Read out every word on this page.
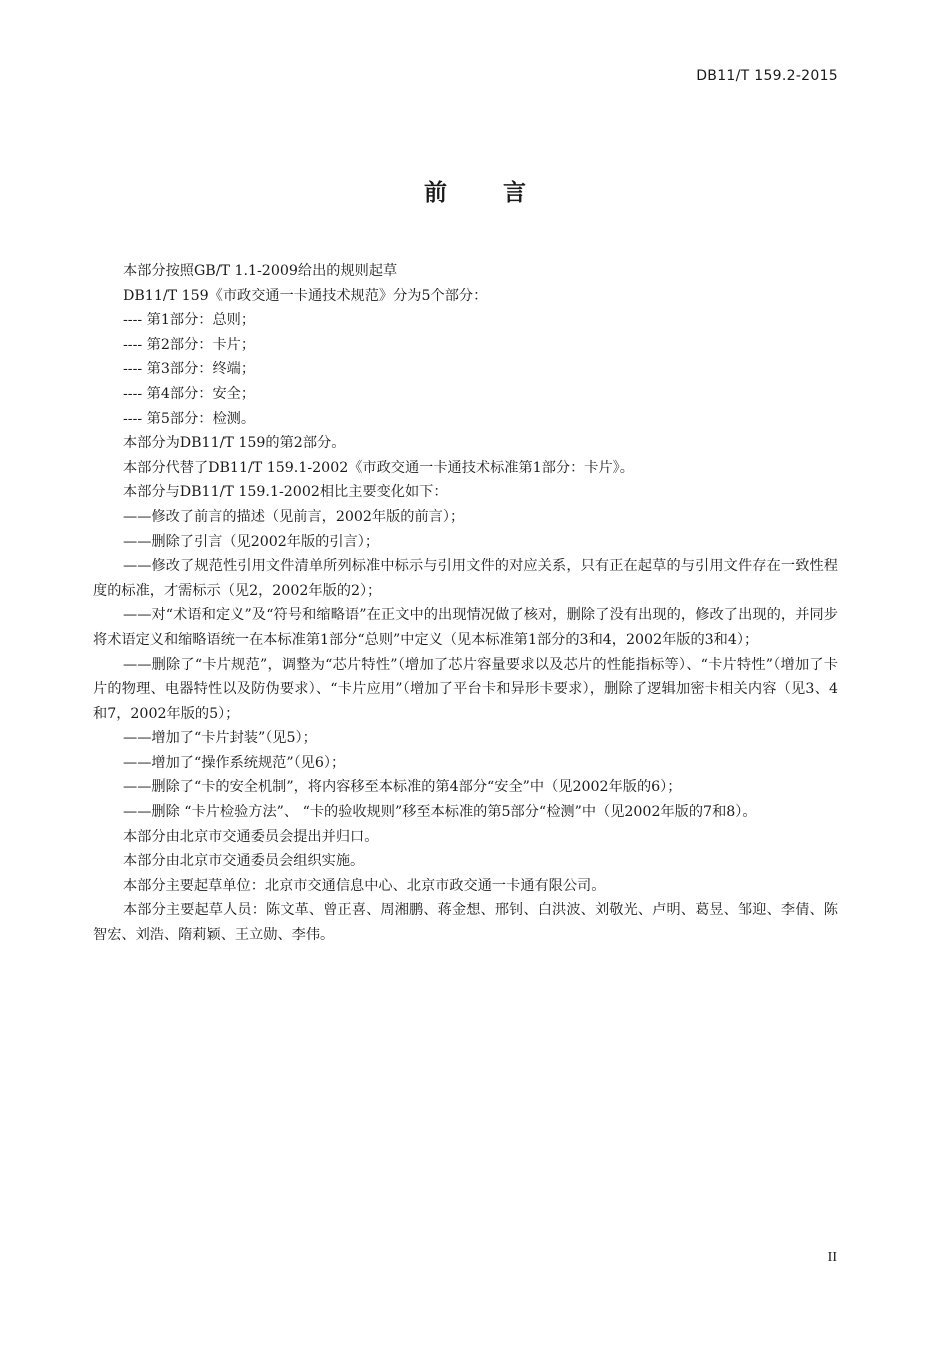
DB11/T 159.2-2015
前言

本部分按照GB/T 1.1-2009给出的规则起草

DB11/T 159《市政交通一卡通技术规范》分为5个部分：

---- 第1部分：总则；

---- 第2部分：卡片；

---- 第3部分：终端；

---- 第4部分：安全；

---- 第5部分：检测。

本部分为DB11/T 159的第2部分。

本部分代替了DB11/T 159.1-2002《市政交通一卡通技术标准第1部分：卡片》。

本部分与DB11/T 159.1-2002相比主要变化如下：

——修改了前言的描述（见前言，2002年版的前言）；

——删除了引言（见2002年版的引言）；

——修改了规范性引用文件清单所列标准中标示与引用文件的对应关系，只有正在起草的与引用文件存在一致性程度的标准，才需标示（见2，2002年版的2）；

——对“术语和定义”及“符号和缩略语”在正文中的出现情况做了核对，删除了没有出现的，修改了出现的，并同步将术语定义和缩略语统一在本标准第1部分“总则”中定义（见本标准第1部分的3和4，2002年版的3和4）；

——删除了“卡片规范”，调整为“芯片特性”（增加了芯片容量要求以及芯片的性能指标等）、“卡片特性”（增加了卡片的物理、电器特性以及防伪要求）、“卡片应用”（增加了平台卡和异形卡要求），删除了逻辑加密卡相关内容（见3、4和7，2002年版的5）；

——增加了“卡片封装”（见5）；

——增加了“操作系统规范”（见6）；

——删除了“卡的安全机制”，将内容移至本标准的第4部分“安全”中（见2002年版的6）；

——删除 “卡片检验方法”、 “卡的验收规则”移至本标准的第5部分“检测”中（见2002年版的7和8）。

本部分由北京市交通委员会提出并归口。

本部分由北京市交通委员会组织实施。

本部分主要起草单位：北京市交通信息中心、北京市政交通一卡通有限公司。

本部分主要起草人员：陈文革、曾正喜、周湘鹏、蒋金想、邢钊、白洪波、刘敬光、卢明、葛昱、邹迎、李倩、陈智宏、刘浩、隋莉颖、王立勋、李伟。

II
